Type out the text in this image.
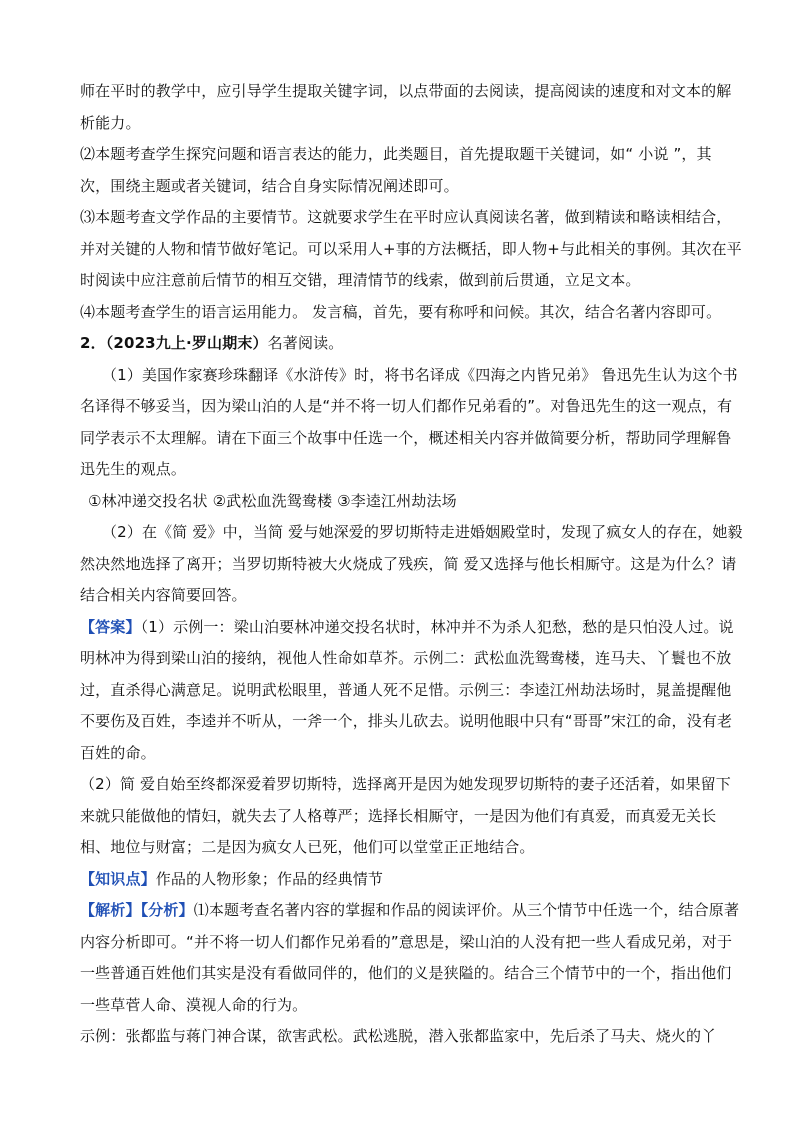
师在平时的教学中，应引导学生提取关键字词，以点带面的去阅读，提高阅读的速度和对文本的解
析能力。
⑵本题考查学生探究问题和语言表达的能力，此类题目，首先提取题干关键词，如“ 小说 ”，其
次，围绕主题或者关键词，结合自身实际情况阐述即可。
⑶本题考查文学作品的主要情节。这就要求学生在平时应认真阅读名著，做到精读和略读相结合，
并对关键的人物和情节做好笔记。可以采用人+事的方法概括，即人物+与此相关的事例。其次在平
时阅读中应注意前后情节的相互交错，理清情节的线索，做到前后贯通，立足文本。
⑷本题考查学生的语言运用能力。 发言稿，首先，要有称呼和问候。其次，结合名著内容即可。
2．（2023九上·罗山期末）名著阅读。
（1）美国作家赛珍珠翻译《水浒传》时，将书名译成《四海之内皆兄弟》 鲁迅先生认为这个书
名译得不够妥当，因为梁山泊的人是“并不将一切人们都作兄弟看的”。对鲁迅先生的这一观点，有
同学表示不太理解。请在下面三个故事中任选一个，概述相关内容并做简要分析，帮助同学理解鲁
迅先生的观点。
①林冲递交投名状 ②武松血洗鸳鸯楼 ③李逵江州劫法场
（2）在《简 爱》中，当简 爱与她深爱的罗切斯特走进婚姻殿堂时，发现了疯女人的存在，她毅
然决然地选择了离开；当罗切斯特被大火烧成了残疾，简 爱又选择与他长相厮守。这是为什么？请
结合相关内容简要回答。
【答案】（1）示例一：梁山泊要林冲递交投名状时，林冲并不为杀人犯愁，愁的是只怕没人过。说
明林冲为得到梁山泊的接纳，视他人性命如草芥。示例二：武松血洗鸳鸯楼，连马夫、丫鬟也不放
过，直杀得心满意足。说明武松眼里，普通人死不足惜。示例三：李逵江州劫法场时，晁盖提醒他
不要伤及百姓，李逵并不听从，一斧一个，排头儿砍去。说明他眼中只有“哥哥”宋江的命，没有老
百姓的命。
（2）简 爱自始至终都深爱着罗切斯特，选择离开是因为她发现罗切斯特的妻子还活着，如果留下
来就只能做他的情妇，就失去了人格尊严；选择长相厮守，一是因为他们有真爱，而真爱无关长
相、地位与财富；二是因为疯女人已死，他们可以堂堂正正地结合。
【知识点】作品的人物形象；作品的经典情节
【解析】【分析】⑴本题考查名著内容的掌握和作品的阅读评价。从三个情节中任选一个，结合原著
内容分析即可。“并不将一切人们都作兄弟看的”意思是，梁山泊的人没有把一些人看成兄弟，对于
一些普通百姓他们其实是没有看做同伴的，他们的义是狭隘的。结合三个情节中的一个，指出他们
一些草菅人命、漠视人命的行为。
示例：张都监与蒋门神合谋，欲害武松。武松逃脱，潜入张都监家中，先后杀了马夫、烧火的丫
